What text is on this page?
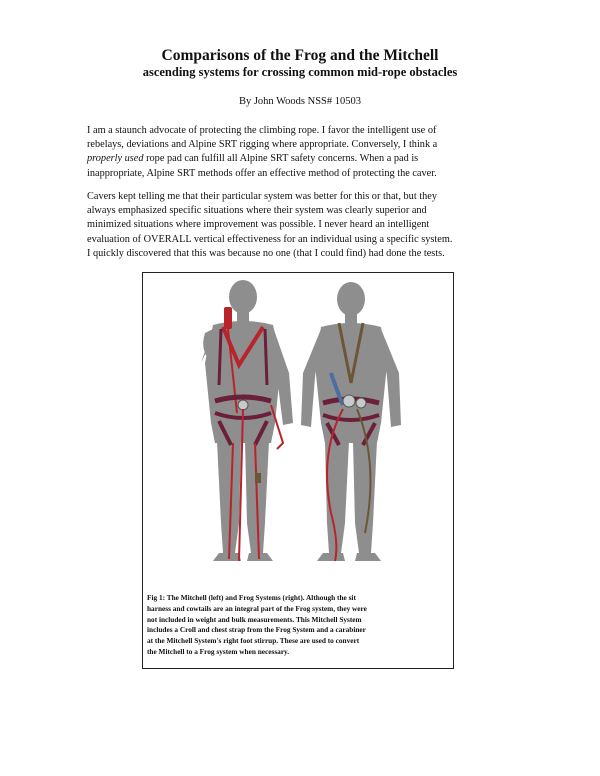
Comparisons of the Frog and the Mitchell
ascending systems for crossing common mid-rope obstacles
By John Woods NSS# 10503

I am a staunch advocate of protecting the climbing rope. I favor the intelligent use of
rebelays, deviations and Alpine SRT rigging where appropriate. Conversely, I think a
properly used rope pad can fulfill all Alpine SRT safety concerns. When a pad is
inappropriate, Alpine SRT methods offer an effective method of protecting the caver.

Cavers kept telling me that their particular system was better for this or that, but they
always emphasized specific situations where their system was clearly superior and
minimized situations where improvement was possible. I never heard an intelligent
evaluation of OVERALL vertical effectiveness for an individual using a specific system.
I quickly discovered that this was because no one (that I could find) had done the tests.

Fig 1: The Mitchell (left) and Frog Systems (right). Although the sit
harness and cowtails are an integral part of the Frog system, they were
not included in weight and bulk measurements. This Mitchell System
includes a Croll and chest strap from the Frog System and a carabiner
at the Mitchell System's right foot stirrup. These are used to convert
the Mitchell to a Frog system when necessary.
